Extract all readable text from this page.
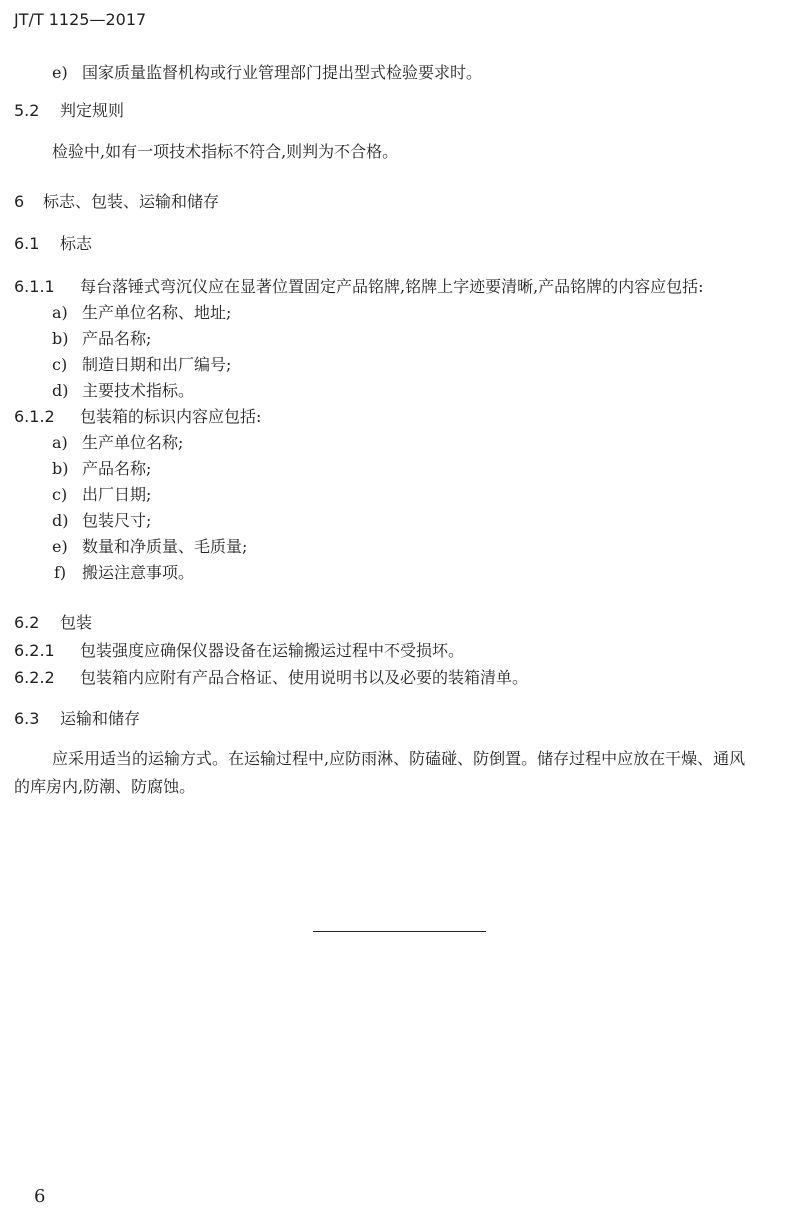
JT/T 1125—2017
e) 国家质量监督机构或行业管理部门提出型式检验要求时。
5.2 判定规则
检验中,如有一项技术指标不符合,则判为不合格。
6 标志、包装、运输和储存
6.1 标志
6.1.1 每台落锤式弯沉仪应在显著位置固定产品铭牌,铭牌上字迹要清晰,产品铭牌的内容应包括:
a) 生产单位名称、地址;
b) 产品名称;
c) 制造日期和出厂编号;
d) 主要技术指标。
6.1.2 包装箱的标识内容应包括:
a) 生产单位名称;
b) 产品名称;
c) 出厂日期;
d) 包装尺寸;
e) 数量和净质量、毛质量;
f) 搬运注意事项。
6.2 包装
6.2.1 包装强度应确保仪器设备在运输搬运过程中不受损坏。
6.2.2 包装箱内应附有产品合格证、使用说明书以及必要的装箱清单。
6.3 运输和储存
应采用适当的运输方式。在运输过程中,应防雨淋、防磕碰、防倒置。储存过程中应放在干燥、通风
的库房内,防潮、防腐蚀。
6
